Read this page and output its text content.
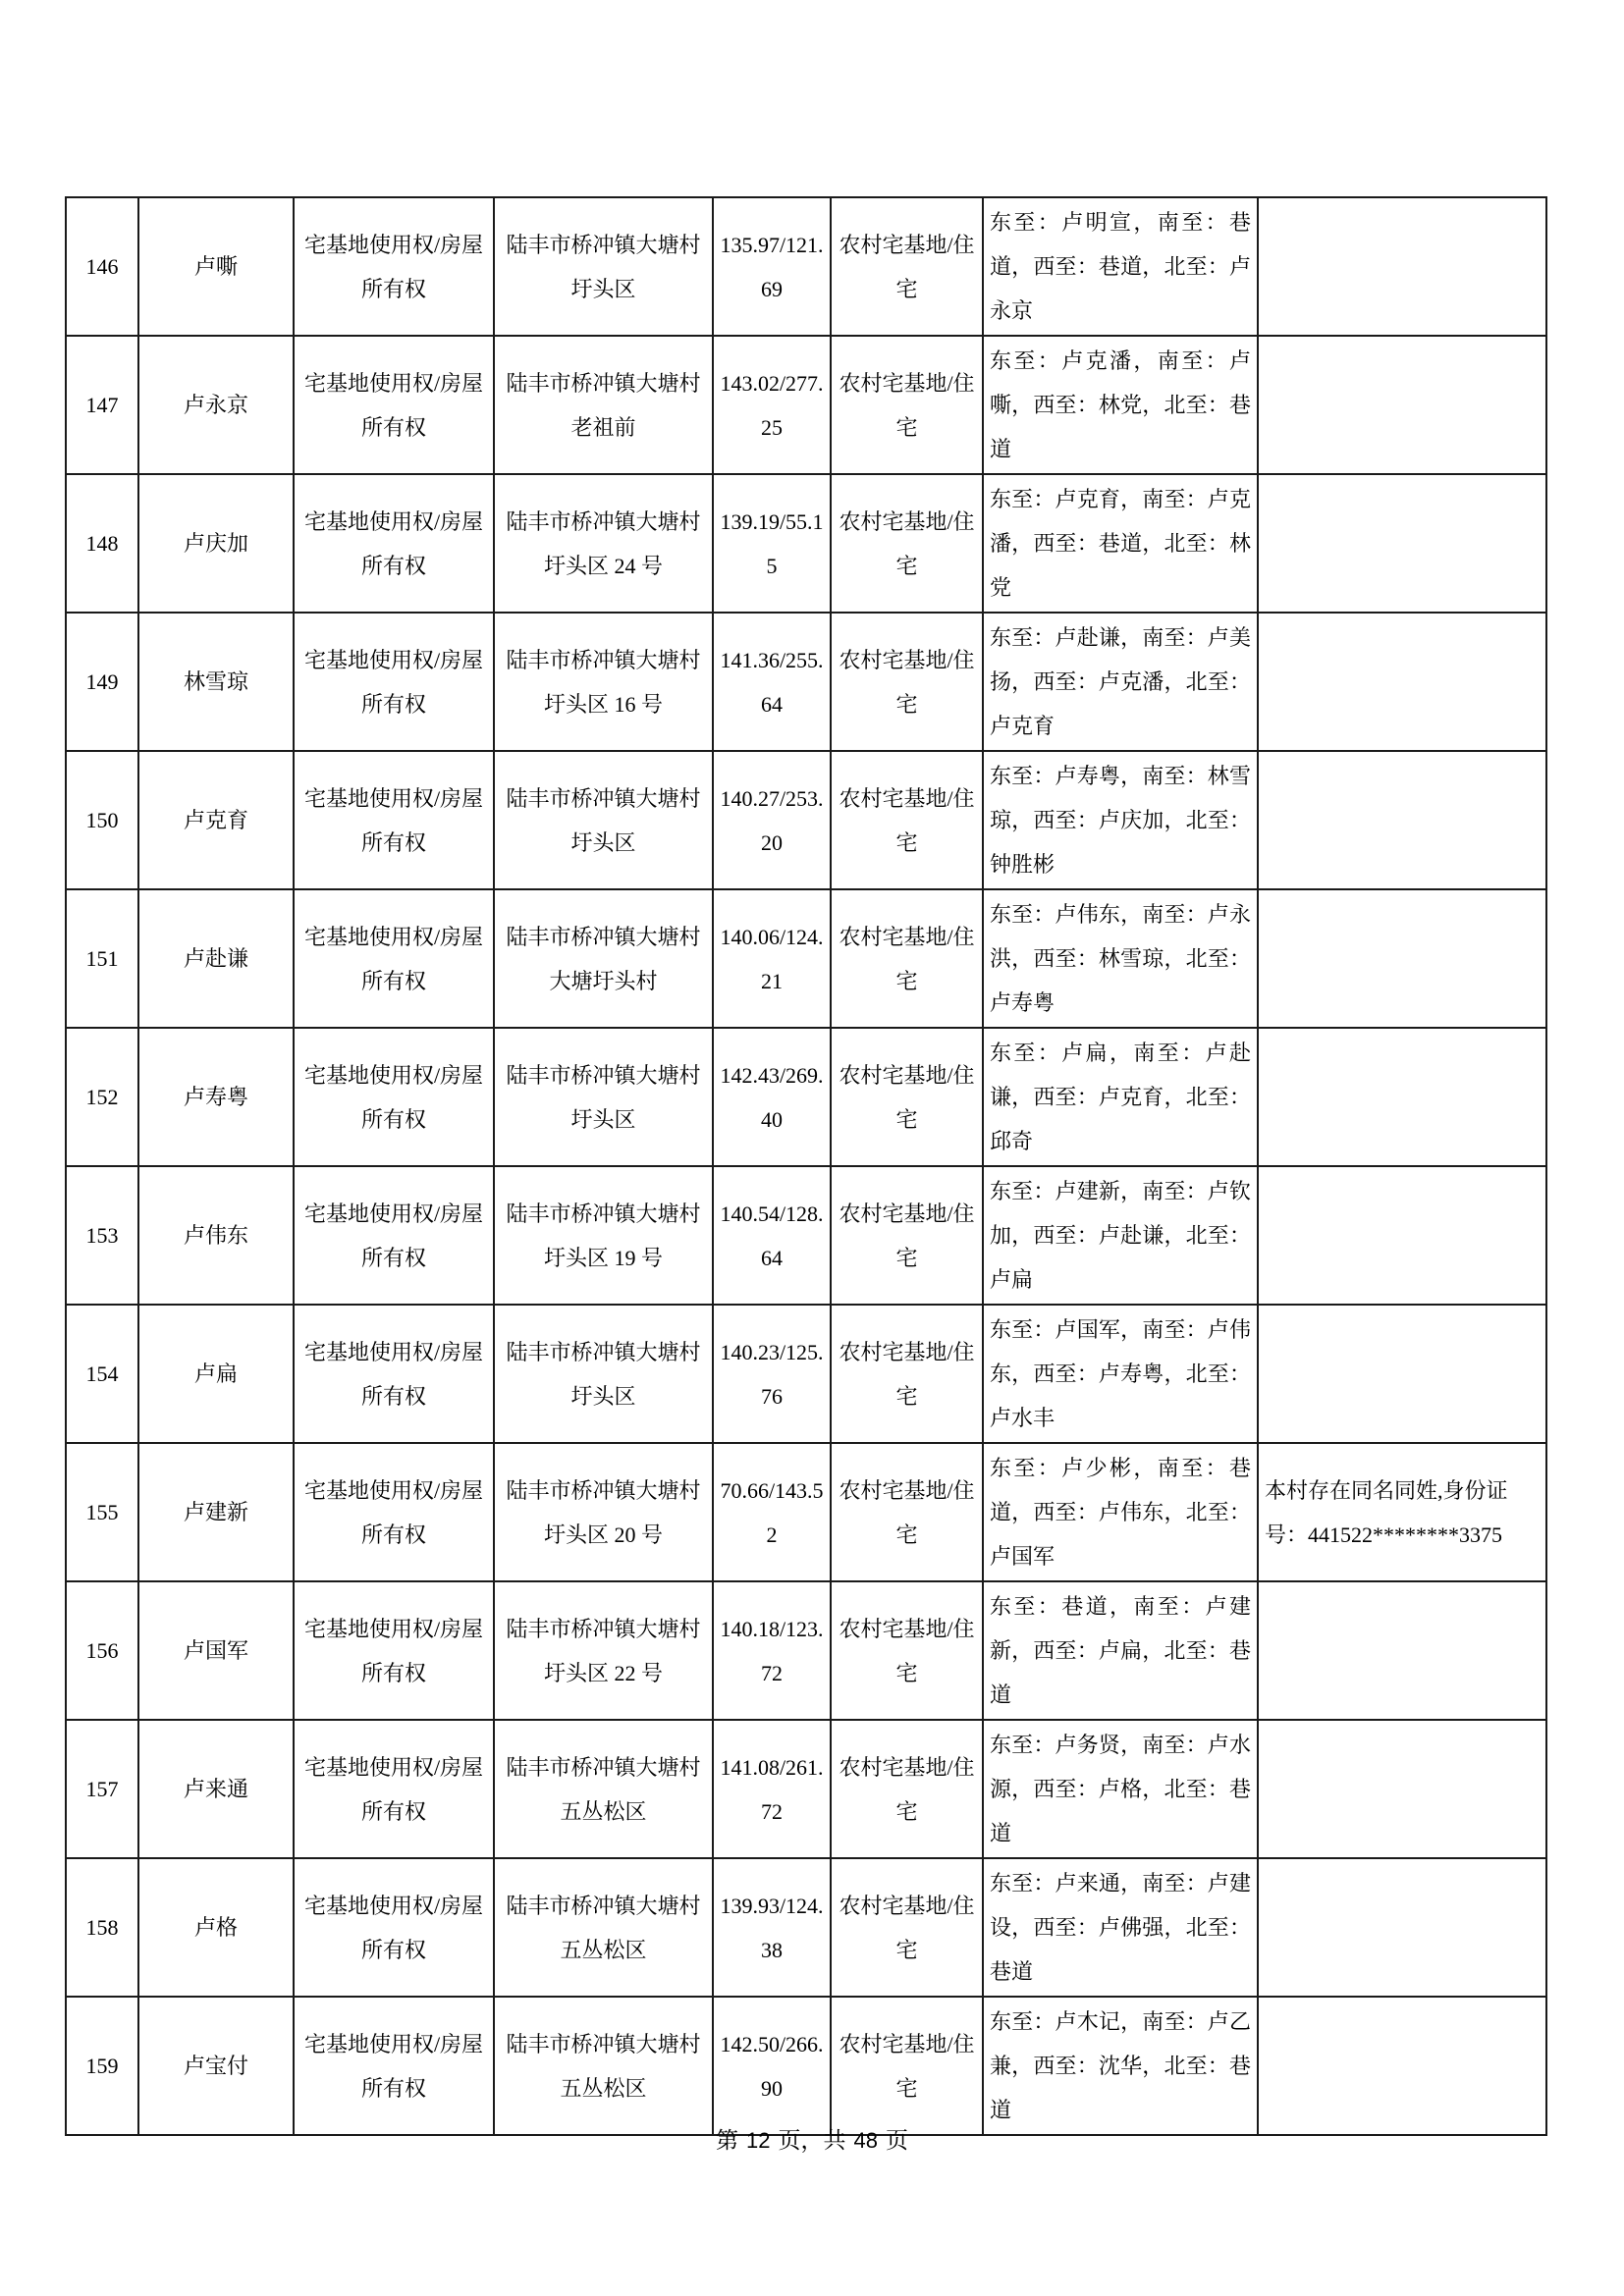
146	卢嘶	宅基地使用权/房屋所有权	陆丰市桥冲镇大塘村圩头区	135.97/121.69	农村宅基地/住宅	东至：卢明宣，南至：巷道，西至：巷道，北至：卢永京	
147	卢永京	宅基地使用权/房屋所有权	陆丰市桥冲镇大塘村老祖前	143.02/277.25	农村宅基地/住宅	东至：卢克潘，南至：卢嘶，西至：林党，北至：巷道	
148	卢庆加	宅基地使用权/房屋所有权	陆丰市桥冲镇大塘村圩头区 24 号	139.19/55.15	农村宅基地/住宅	东至：卢克育，南至：卢克潘，西至：巷道，北至：林党	
149	林雪琼	宅基地使用权/房屋所有权	陆丰市桥冲镇大塘村圩头区 16 号	141.36/255.64	农村宅基地/住宅	东至：卢赴谦，南至：卢美扬，西至：卢克潘，北至：卢克育	
150	卢克育	宅基地使用权/房屋所有权	陆丰市桥冲镇大塘村圩头区	140.27/253.20	农村宅基地/住宅	东至：卢寿粤，南至：林雪琼，西至：卢庆加，北至：钟胜彬	
151	卢赴谦	宅基地使用权/房屋所有权	陆丰市桥冲镇大塘村大塘圩头村	140.06/124.21	农村宅基地/住宅	东至：卢伟东，南至：卢永洪，西至：林雪琼，北至：卢寿粤	
152	卢寿粤	宅基地使用权/房屋所有权	陆丰市桥冲镇大塘村圩头区	142.43/269.40	农村宅基地/住宅	东至：卢扁，南至：卢赴谦，西至：卢克育，北至：邱奇	
153	卢伟东	宅基地使用权/房屋所有权	陆丰市桥冲镇大塘村圩头区 19 号	140.54/128.64	农村宅基地/住宅	东至：卢建新，南至：卢钦加，西至：卢赴谦，北至：卢扁	
154	卢扁	宅基地使用权/房屋所有权	陆丰市桥冲镇大塘村圩头区	140.23/125.76	农村宅基地/住宅	东至：卢国军，南至：卢伟东，西至：卢寿粤，北至：卢水丰	
155	卢建新	宅基地使用权/房屋所有权	陆丰市桥冲镇大塘村圩头区 20 号	70.66/143.52	农村宅基地/住宅	东至：卢少彬，南至：巷道，西至：卢伟东，北至：卢国军	本村存在同名同姓,身份证号：441522********3375
156	卢国军	宅基地使用权/房屋所有权	陆丰市桥冲镇大塘村圩头区 22 号	140.18/123.72	农村宅基地/住宅	东至：巷道，南至：卢建新，西至：卢扁，北至：巷道	
157	卢来通	宅基地使用权/房屋所有权	陆丰市桥冲镇大塘村五丛松区	141.08/261.72	农村宅基地/住宅	东至：卢务贤，南至：卢水源，西至：卢格，北至：巷道	
158	卢格	宅基地使用权/房屋所有权	陆丰市桥冲镇大塘村五丛松区	139.93/124.38	农村宅基地/住宅	东至：卢来通，南至：卢建设，西至：卢佛强，北至：巷道	
159	卢宝付	宅基地使用权/房屋所有权	陆丰市桥冲镇大塘村五丛松区	142.50/266.90	农村宅基地/住宅	东至：卢木记，南至：卢乙兼，西至：沈华，北至：巷道	
第 12 页，共 48 页
